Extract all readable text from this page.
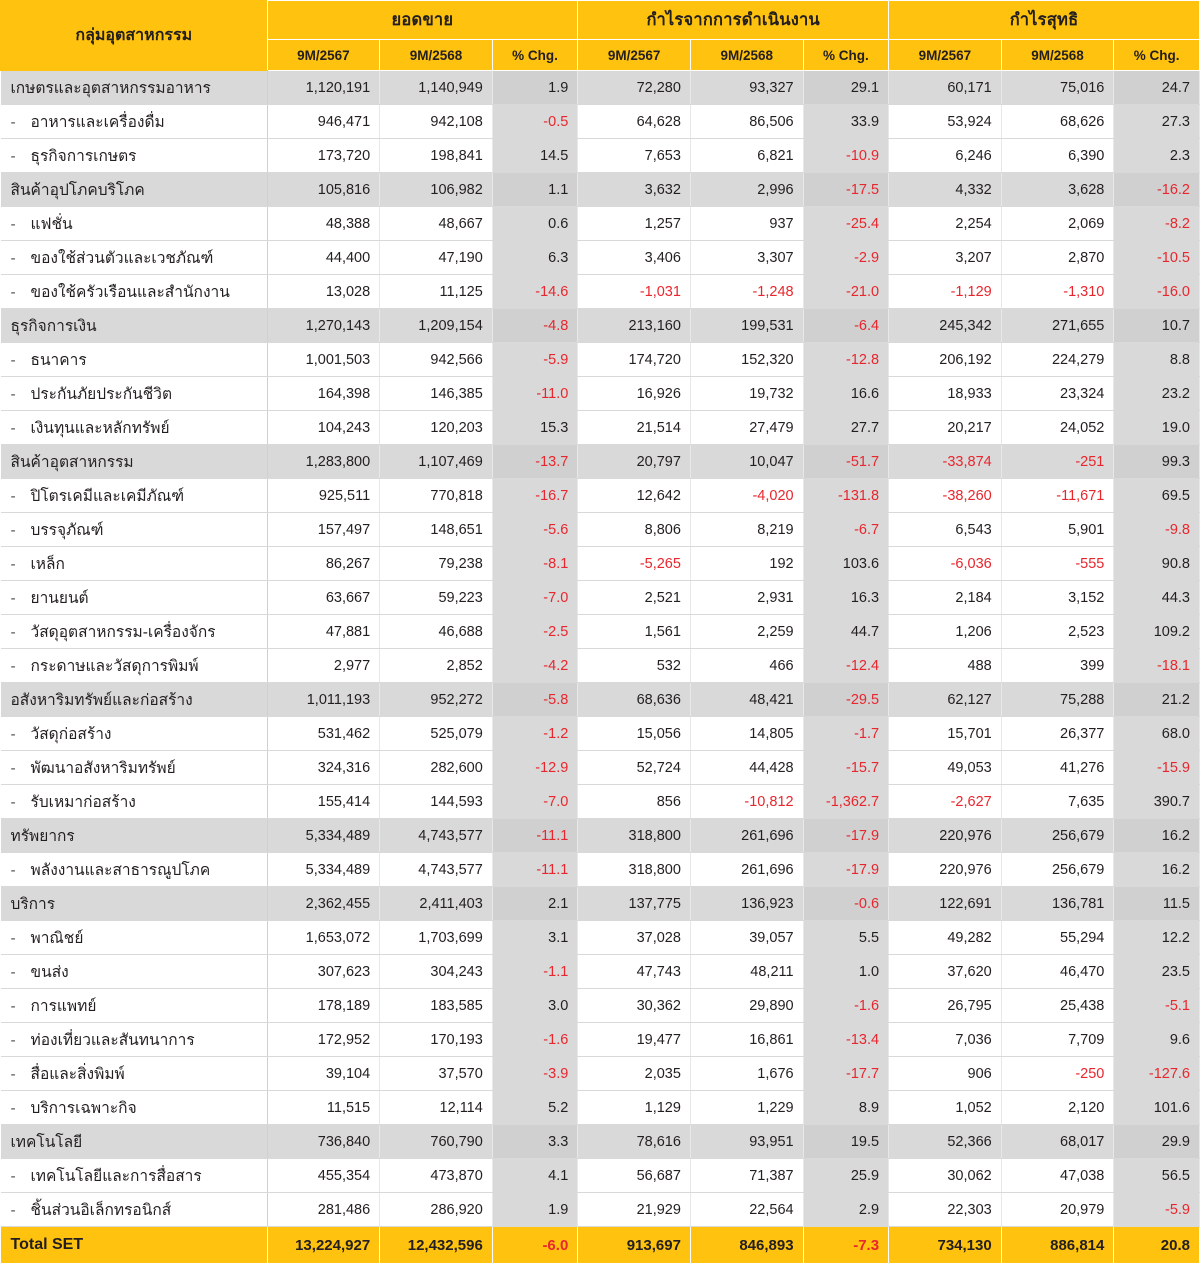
กลุ่มอุตสาหกรรม	ยอดขาย			กำไรจากการดำเนินงาน			กำไรสุทธิ		
	9M/2567	9M/2568	% Chg.	9M/2567	9M/2568	% Chg.	9M/2567	9M/2568	% Chg.
เกษตรและอุตสาหกรรมอาหาร	1,120,191	1,140,949	1.9	72,280	93,327	29.1	60,171	75,016	24.7
- อาหารและเครื่องดื่ม	946,471	942,108	-0.5	64,628	86,506	33.9	53,924	68,626	27.3
- ธุรกิจการเกษตร	173,720	198,841	14.5	7,653	6,821	-10.9	6,246	6,390	2.3
สินค้าอุปโภคบริโภค	105,816	106,982	1.1	3,632	2,996	-17.5	4,332	3,628	-16.2
- แฟชั่น	48,388	48,667	0.6	1,257	937	-25.4	2,254	2,069	-8.2
- ของใช้ส่วนตัวและเวชภัณฑ์	44,400	47,190	6.3	3,406	3,307	-2.9	3,207	2,870	-10.5
- ของใช้ครัวเรือนและสำนักงาน	13,028	11,125	-14.6	-1,031	-1,248	-21.0	-1,129	-1,310	-16.0
ธุรกิจการเงิน	1,270,143	1,209,154	-4.8	213,160	199,531	-6.4	245,342	271,655	10.7
- ธนาคาร	1,001,503	942,566	-5.9	174,720	152,320	-12.8	206,192	224,279	8.8
- ประกันภัยประกันชีวิต	164,398	146,385	-11.0	16,926	19,732	16.6	18,933	23,324	23.2
- เงินทุนและหลักทรัพย์	104,243	120,203	15.3	21,514	27,479	27.7	20,217	24,052	19.0
สินค้าอุตสาหกรรม	1,283,800	1,107,469	-13.7	20,797	10,047	-51.7	-33,874	-251	99.3
- ปิโตรเคมีและเคมีภัณฑ์	925,511	770,818	-16.7	12,642	-4,020	-131.8	-38,260	-11,671	69.5
- บรรจุภัณฑ์	157,497	148,651	-5.6	8,806	8,219	-6.7	6,543	5,901	-9.8
- เหล็ก	86,267	79,238	-8.1	-5,265	192	103.6	-6,036	-555	90.8
- ยานยนต์	63,667	59,223	-7.0	2,521	2,931	16.3	2,184	3,152	44.3
- วัสดุอุตสาหกรรม-เครื่องจักร	47,881	46,688	-2.5	1,561	2,259	44.7	1,206	2,523	109.2
- กระดาษและวัสดุการพิมพ์	2,977	2,852	-4.2	532	466	-12.4	488	399	-18.1
อสังหาริมทรัพย์และก่อสร้าง	1,011,193	952,272	-5.8	68,636	48,421	-29.5	62,127	75,288	21.2
- วัสดุก่อสร้าง	531,462	525,079	-1.2	15,056	14,805	-1.7	15,701	26,377	68.0
- พัฒนาอสังหาริมทรัพย์	324,316	282,600	-12.9	52,724	44,428	-15.7	49,053	41,276	-15.9
- รับเหมาก่อสร้าง	155,414	144,593	-7.0	856	-10,812	-1,362.7	-2,627	7,635	390.7
ทรัพยากร	5,334,489	4,743,577	-11.1	318,800	261,696	-17.9	220,976	256,679	16.2
- พลังงานและสาธารณูปโภค	5,334,489	4,743,577	-11.1	318,800	261,696	-17.9	220,976	256,679	16.2
บริการ	2,362,455	2,411,403	2.1	137,775	136,923	-0.6	122,691	136,781	11.5
- พาณิชย์	1,653,072	1,703,699	3.1	37,028	39,057	5.5	49,282	55,294	12.2
- ขนส่ง	307,623	304,243	-1.1	47,743	48,211	1.0	37,620	46,470	23.5
- การแพทย์	178,189	183,585	3.0	30,362	29,890	-1.6	26,795	25,438	-5.1
- ท่องเที่ยวและสันทนาการ	172,952	170,193	-1.6	19,477	16,861	-13.4	7,036	7,709	9.6
- สื่อและสิ่งพิมพ์	39,104	37,570	-3.9	2,035	1,676	-17.7	906	-250	-127.6
- บริการเฉพาะกิจ	11,515	12,114	5.2	1,129	1,229	8.9	1,052	2,120	101.6
เทคโนโลยี	736,840	760,790	3.3	78,616	93,951	19.5	52,366	68,017	29.9
- เทคโนโลยีและการสื่อสาร	455,354	473,870	4.1	56,687	71,387	25.9	30,062	47,038	56.5
- ชิ้นส่วนอิเล็กทรอนิกส์	281,486	286,920	1.9	21,929	22,564	2.9	22,303	20,979	-5.9
Total SET	13,224,927	12,432,596	-6.0	913,697	846,893	-7.3	734,130	886,814	20.8
